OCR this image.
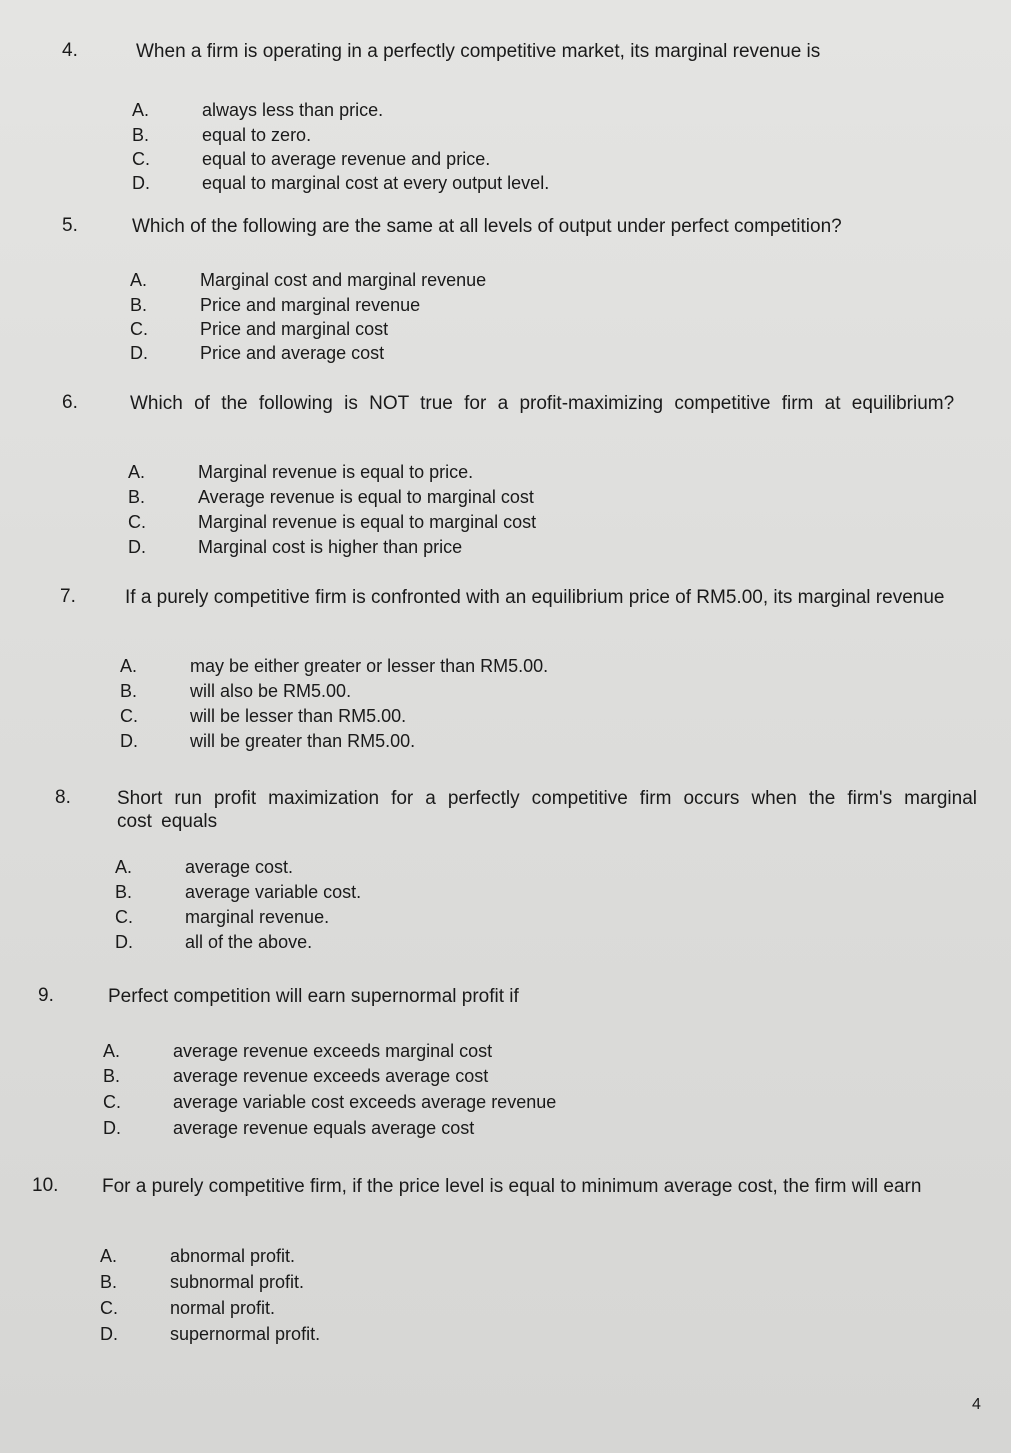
4.	When a firm is operating in a perfectly competitive market, its marginal revenue is
A.	always less than price.
B.	equal to zero.
C.	equal to average revenue and price.
D.	equal to marginal cost at every output level.
5.	Which of the following are the same at all levels of output under perfect competition?
A.	Marginal cost and marginal revenue
B.	Price and marginal revenue
C.	Price and marginal cost
D.	Price and average cost
6.	Which of the following is NOT true for a profit-maximizing competitive firm at equilibrium?
A.	Marginal revenue is equal to price.
B.	Average revenue is equal to marginal cost
C.	Marginal revenue is equal to marginal cost
D.	Marginal cost is higher than price
7.	If a purely competitive firm is confronted with an equilibrium price of RM5.00, its marginal revenue
A.	may be either greater or lesser than RM5.00.
B.	will also be RM5.00.
C.	will be lesser than RM5.00.
D.	will be greater than RM5.00.
8. Short run profit maximization for a perfectly competitive firm occurs when the firm's marginal cost equals
A.	average cost.
B.	average variable cost.
C.	marginal revenue.
D.	all of the above.
9.	Perfect competition will earn supernormal profit if
A.	average revenue exceeds marginal cost
B.	average revenue exceeds average cost
C.	average variable cost exceeds average revenue
D.	average revenue equals average cost
10. For a purely competitive firm, if the price level is equal to minimum average cost, the firm will earn
A.	abnormal profit.
B.	subnormal profit.
C.	normal profit.
D.	supernormal profit.
4
